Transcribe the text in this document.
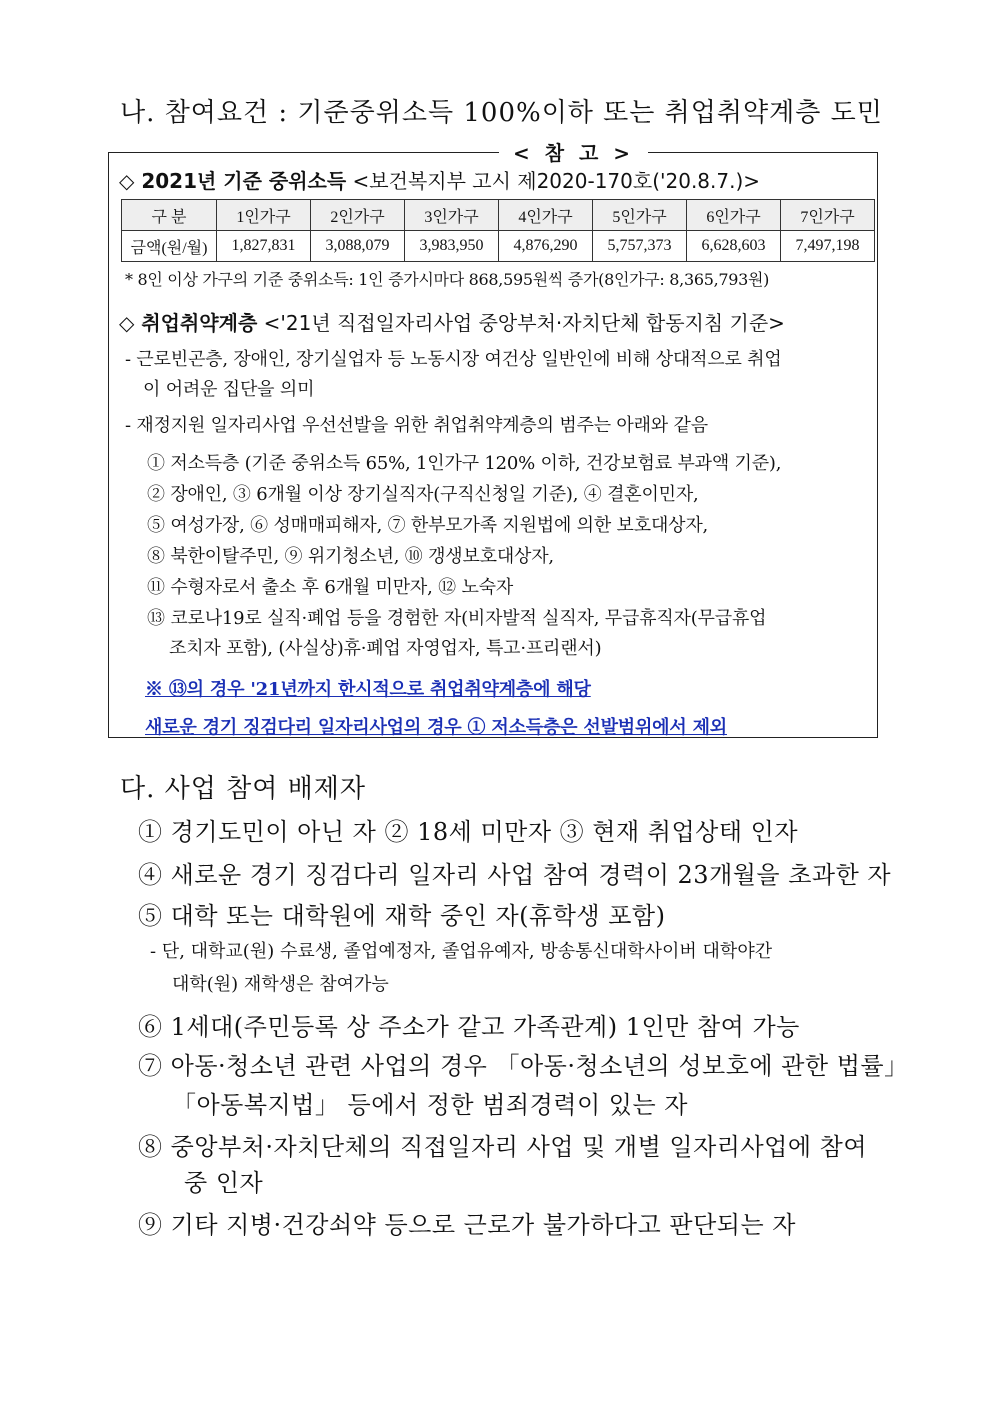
나. 참여요건 : 기준중위소득 100%이하 또는 취업취약계층 도민
< 참 고 >
◇ 2021년 기준 중위소득 <보건복지부 고시 제2020-170호('20.8.7.)>
구 분	1인가구	2인가구	3인가구	4인가구	5인가구	6인가구	7인가구
금액(원/월)	1,827,831	3,088,079	3,983,950	4,876,290	5,757,373	6,628,603	7,497,198
* 8인 이상 가구의 기준 중위소득: 1인 증가시마다 868,595원씩 증가(8인가구: 8,365,793원)
◇ 취업취약계층 <'21년 직접일자리사업 중앙부처·자치단체 합동지침 기준>
- 근로빈곤층, 장애인, 장기실업자 등 노동시장 여건상 일반인에 비해 상대적으로 취업
이 어려운 집단을 의미
- 재정지원 일자리사업 우선선발을 위한 취업취약계층의 범주는 아래와 같음
① 저소득층 (기준 중위소득 65%, 1인가구 120% 이하, 건강보험료 부과액 기준),
② 장애인, ③ 6개월 이상 장기실직자(구직신청일 기준), ④ 결혼이민자,
⑤ 여성가장, ⑥ 성매매피해자, ⑦ 한부모가족 지원법에 의한 보호대상자,
⑧ 북한이탈주민, ⑨ 위기청소년, ⑩ 갱생보호대상자,
⑪ 수형자로서 출소 후 6개월 미만자, ⑫ 노숙자
⑬ 코로나19로 실직·폐업 등을 경험한 자(비자발적 실직자, 무급휴직자(무급휴업
조치자 포함), (사실상)휴·폐업 자영업자, 특고·프리랜서)
※ ⑬의 경우 '21년까지 한시적으로 취업취약계층에 해당
새로운 경기 징검다리 일자리사업의 경우 ① 저소득층은 선발범위에서 제외
다. 사업 참여 배제자
① 경기도민이 아닌 자 ② 18세 미만자 ③ 현재 취업상태 인자
④ 새로운 경기 징검다리 일자리 사업 참여 경력이 23개월을 초과한 자
⑤ 대학 또는 대학원에 재학 중인 자(휴학생 포함)
- 단, 대학교(원) 수료생, 졸업예정자, 졸업유예자, 방송통신대학사이버 대학야간
대학(원) 재학생은 참여가능
⑥ 1세대(주민등록 상 주소가 같고 가족관계) 1인만 참여 가능
⑦ 아동·청소년 관련 사업의 경우 「아동·청소년의 성보호에 관한 법률」
「아동복지법」 등에서 정한 범죄경력이 있는 자
⑧ 중앙부처·자치단체의 직접일자리 사업 및 개별 일자리사업에 참여
중 인자
⑨ 기타 지병·건강쇠약 등으로 근로가 불가하다고 판단되는 자
